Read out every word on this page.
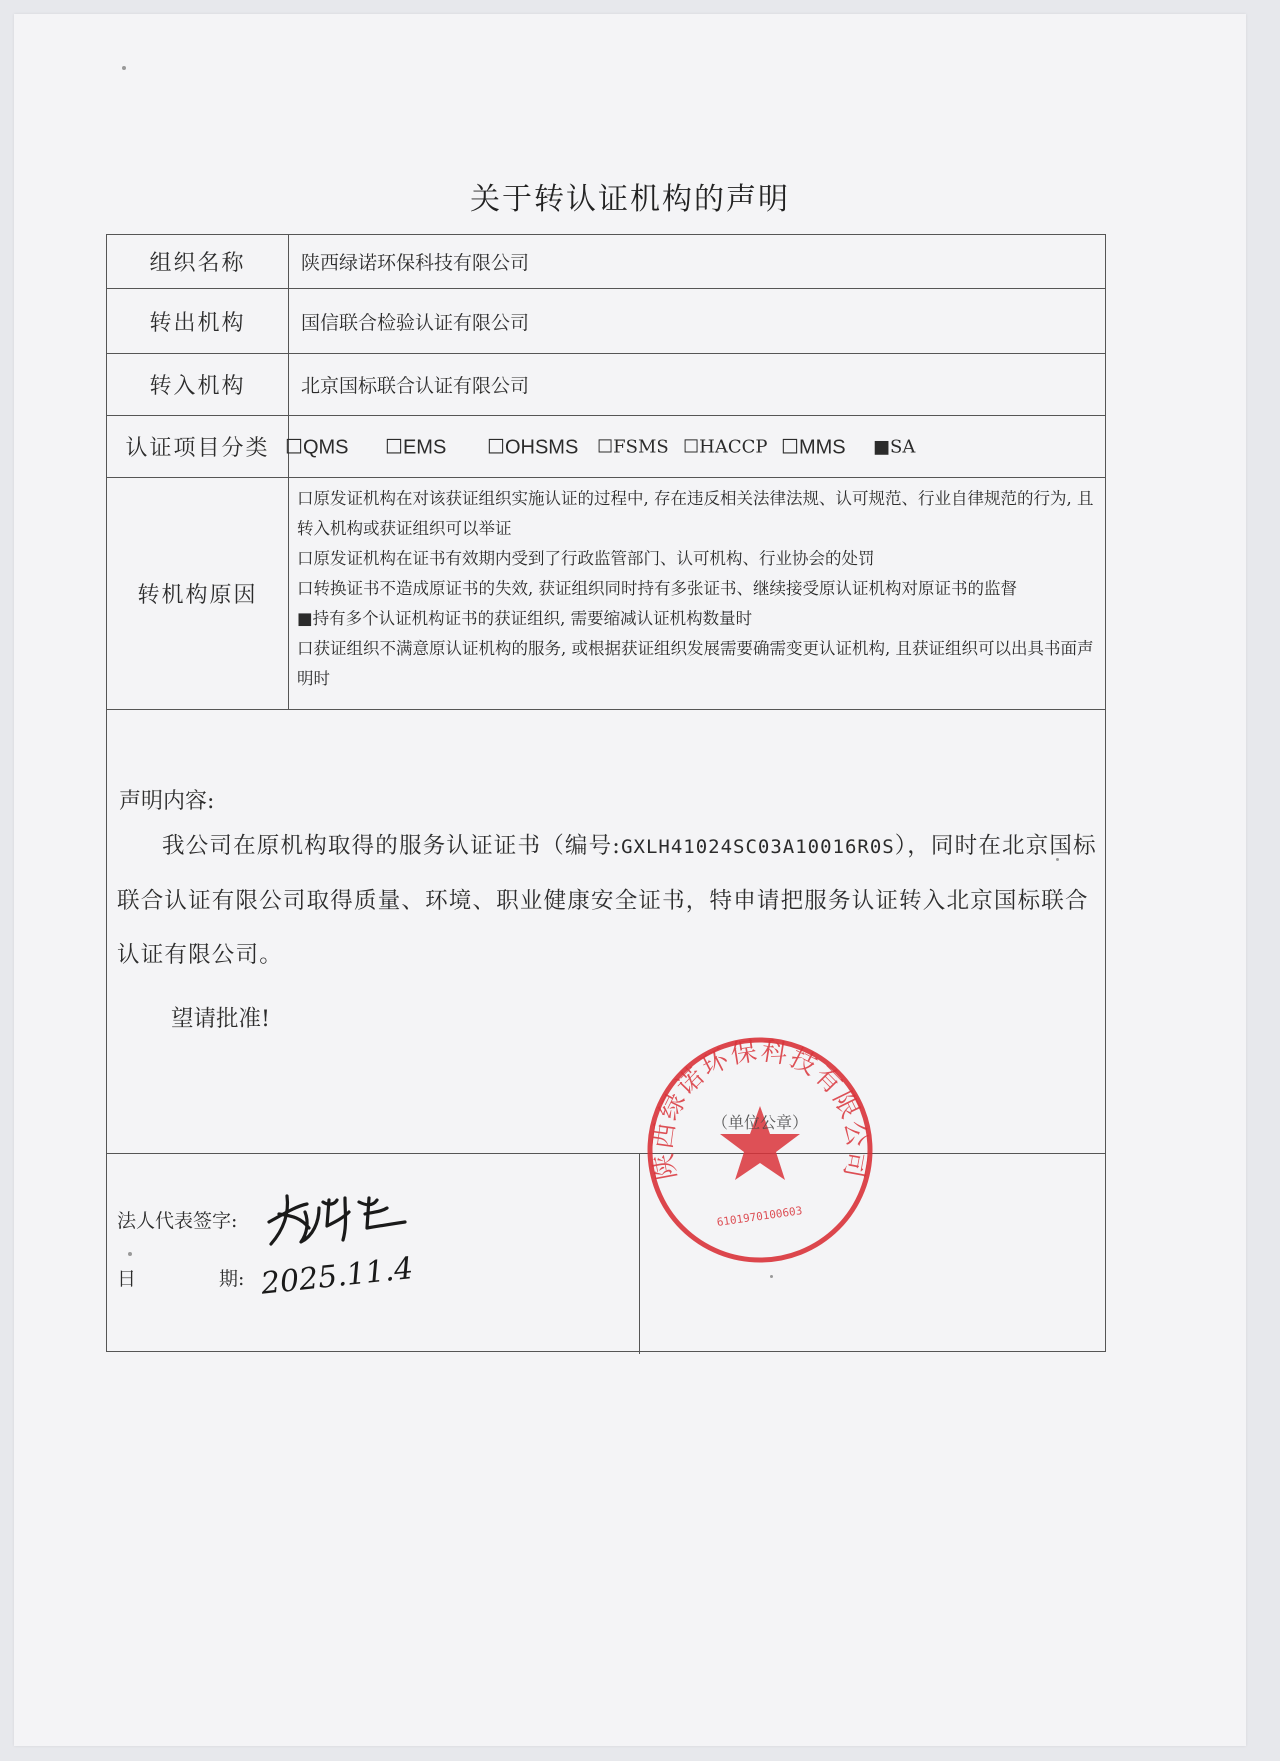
关于转认证机构的声明
组织名称	陕西绿诺环保科技有限公司
转出机构	国信联合检验认证有限公司
转入机构	北京国标联合认证有限公司
认证项目分类 ☐QMS ☐EMS ☐OHSMS ☐FSMS ☐HACCP ☐MMS ■SA
转机构原因
口原发证机构在对该获证组织实施认证的过程中, 存在违反相关法律法规、认可规范、行业自律规范的行为, 且转入机构或获证组织可以举证
口原发证机构在证书有效期内受到了行政监管部门、认可机构、行业协会的处罚
口转换证书不造成原证书的失效, 获证组织同时持有多张证书、继续接受原认证机构对原证书的监督
■持有多个认证机构证书的获证组织, 需要缩减认证机构数量时
口获证组织不满意原认证机构的服务, 或根据获证组织发展需要确需变更认证机构, 且获证组织可以出具书面声明时
声明内容:
我公司在原机构取得的服务认证证书（编号:GXLH41024SC03A10016R0S），同时在北京国标联合认证有限公司取得质量、环境、职业健康安全证书，特申请把服务认证转入北京国标联合认证有限公司。
望请批准!
法人代表签字:
日	期: 2025.11.4
陕西绿诺环保科技有限公司
（单位公章）
6101970100603
